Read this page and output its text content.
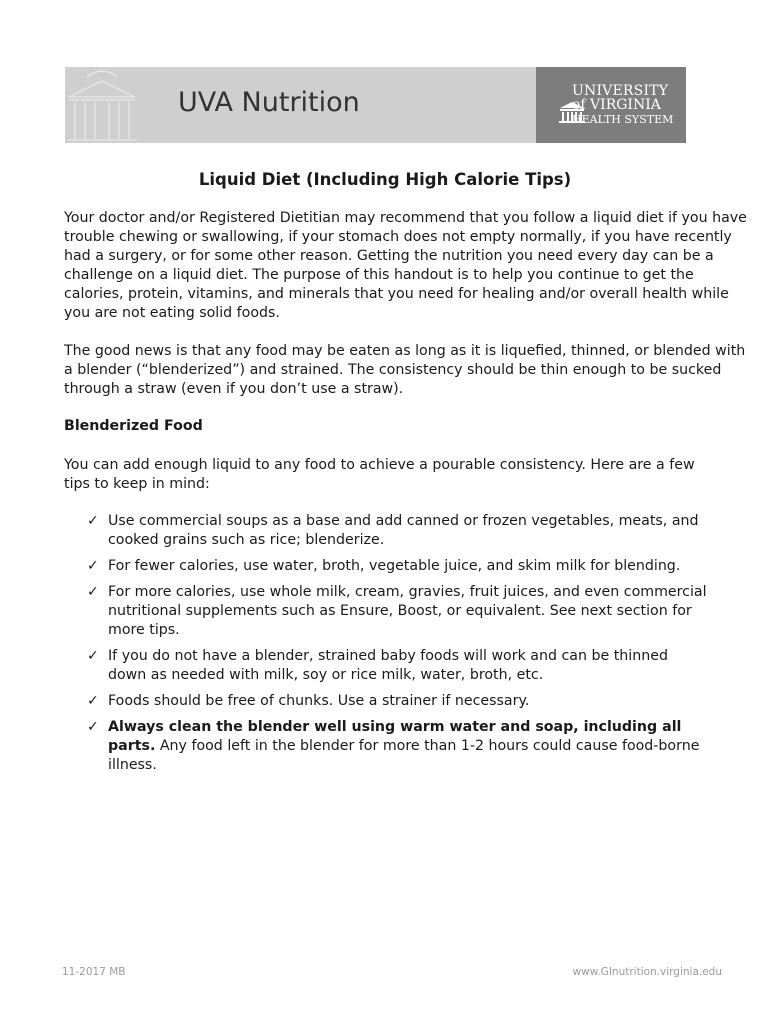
UVA Nutrition	UNIVERSITY
of VIRGINIA
HEALTH SYSTEM
Liquid Diet (Including High Calorie Tips)

Your doctor and/or Registered Dietitian may recommend that you follow a liquid diet if you have trouble chewing or swallowing, if your stomach does not empty normally, if you have recently had a surgery, or for some other reason. Getting the nutrition you need every day can be a challenge on a liquid diet. The purpose of this handout is to help you continue to get the calories, protein, vitamins, and minerals that you need for healing and/or overall health while you are not eating solid foods.

The good news is that any food may be eaten as long as it is liquefied, thinned, or blended with a blender (“blenderized”) and strained. The consistency should be thin enough to be sucked through a straw (even if you don’t use a straw).

Blenderized Food

You can add enough liquid to any food to achieve a pourable consistency. Here are a few tips to keep in mind:

✓ Use commercial soups as a base and add canned or frozen vegetables, meats, and cooked grains such as rice; blenderize.
✓ For fewer calories, use water, broth, vegetable juice, and skim milk for blending.
✓ For more calories, use whole milk, cream, gravies, fruit juices, and even commercial nutritional supplements such as Ensure, Boost, or equivalent. See next section for more tips.
✓ If you do not have a blender, strained baby foods will work and can be thinned down as needed with milk, soy or rice milk, water, broth, etc.
✓ Foods should be free of chunks. Use a strainer if necessary.
✓ Always clean the blender well using warm water and soap, including all parts. Any food left in the blender for more than 1-2 hours could cause food-borne illness.
11-2017 MB	www.GInutrition.virginia.edu
